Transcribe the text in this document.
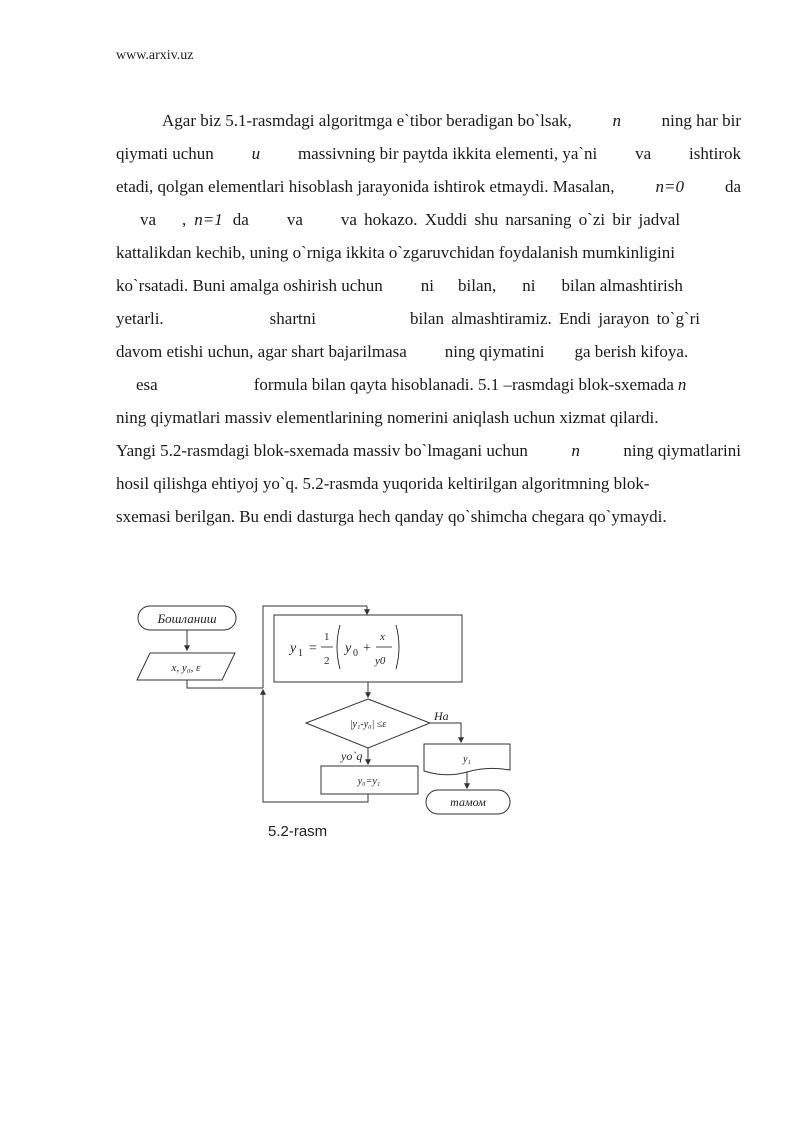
www.arxiv.uz
Agar biz 5.1-rasmdagi algoritmga e`tibor beradigan bo`lsak, n ning har bir
qiymati uchun u massivning bir paytda ikkita elementi, ya`ni va ishtirok
etadi, qolgan elementlari hisoblash jarayonida ishtirok etmaydi. Masalan, n=0 da
va , n=1 da va va hokazo. Xuddi shu narsaning o`zi bir jadval
kattalikdan kechib, uning o`rniga ikkita o`zgaruvchidan foydalanish mumkinligini
ko`rsatadi. Buni amalga oshirish uchun ni bilan, ni bilan almashtirish
yetarli.	shartni	bilan almashtiramiz. Endi jarayon to`g`ri
davom etishi uchun, agar shart bajarilmasa ning qiymatini ga berish kifoya.
esa	formula bilan qayta hisoblanadi. 5.1 –rasmdagi blok-sxemada n
ning qiymatlari massiv elementlarining nomerini aniqlash uchun xizmat qilardi.
Yangi 5.2-rasmdagi blok-sxemada massiv bo`lmagani uchun	n	ning qiymatlarini
hosil qilishga ehtiyoj yo`q. 5.2-rasmda yuqorida keltirilgan algoritmning blok-
sxemasi berilgan. Bu endi dasturga hech qanday qo`shimcha chegara qo`ymaydi.
Бошланиш
x, y₀, ε
y 1 =
1
2
y 0 +
x
y0
|y₁-y₀| ≤ε
Ha
yo`q
y₀=y₁
y₁
тамом
5.2-rasm
